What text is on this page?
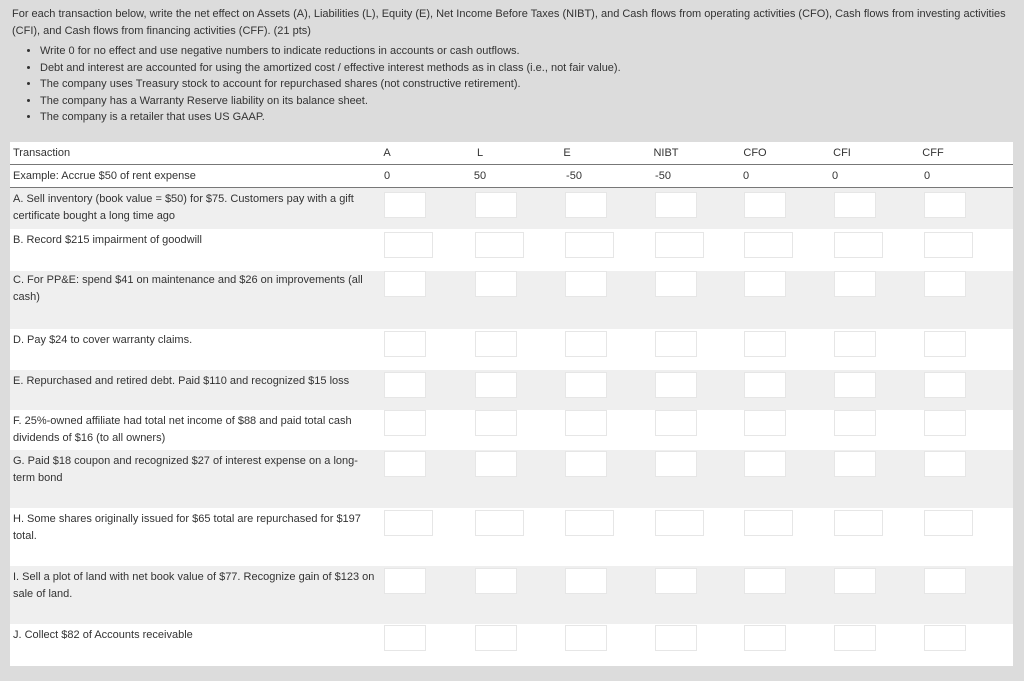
For each transaction below, write the net effect on Assets (A), Liabilities (L), Equity (E), Net Income Before Taxes (NIBT), and Cash flows from operating activities (CFO), Cash flows from investing activities (CFI), and Cash flows from financing activities (CFF). (21 pts)

• Write 0 for no effect and use negative numbers to indicate reductions in accounts or cash outflows.
• Debt and interest are accounted for using the amortized cost / effective interest methods as in class (i.e., not fair value).
• The company uses Treasury stock to account for repurchased shares (not constructive retirement).
• The company has a Warranty Reserve liability on its balance sheet.
• The company is a retailer that uses US GAAP.
Transaction	A	L	E	NIBT	CFO	CFI	CFF
Example: Accrue $50 of rent expense	0	50	-50	-50	0	0	0
A. Sell inventory (book value = $50) for $75. Customers pay with a gift certificate bought a long time ago
B. Record $215 impairment of goodwill
C. For PP&E: spend $41 on maintenance and $26 on improvements (all cash)
D. Pay $24 to cover warranty claims.
E. Repurchased and retired debt. Paid $110 and recognized $15 loss
F. 25%-owned affiliate had total net income of $88 and paid total cash dividends of $16 (to all owners)
G. Paid $18 coupon and recognized $27 of interest expense on a long-term bond
H. Some shares originally issued for $65 total are repurchased for $197 total.
I. Sell a plot of land with net book value of $77. Recognize gain of $123 on sale of land.
J. Collect $82 of Accounts receivable
